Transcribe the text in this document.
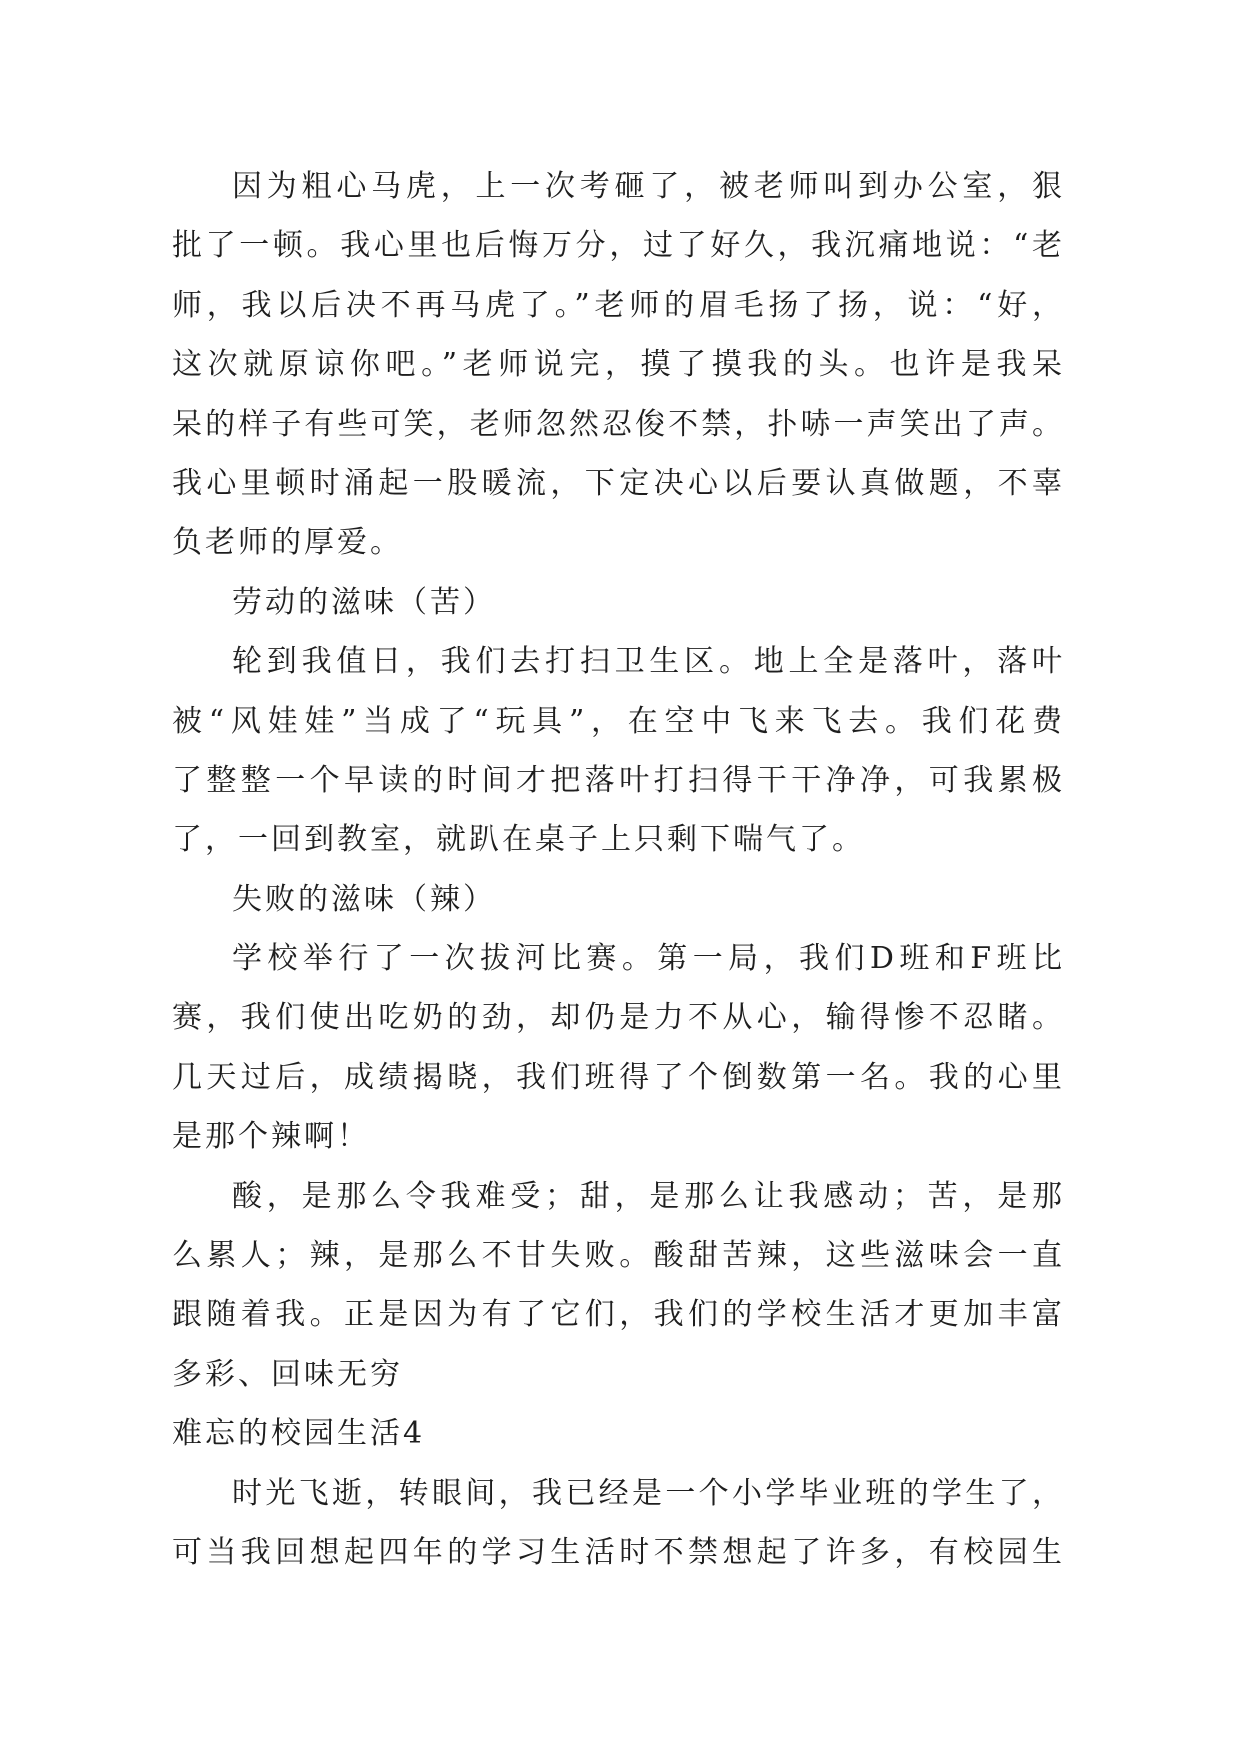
因为粗心马虎，上一次考砸了，被老师叫到办公室，狠
批了一顿。我心里也后悔万分，过了好久，我沉痛地说：“老
师，我以后决不再马虎了。”老师的眉毛扬了扬，说：“好，
这次就原谅你吧。”老师说完，摸了摸我的头。也许是我呆
呆的样子有些可笑，老师忽然忍俊不禁，扑哧一声笑出了声。
我心里顿时涌起一股暖流，下定决心以后要认真做题，不辜
负老师的厚爱。
劳动的滋味（苦）
轮到我值日，我们去打扫卫生区。地上全是落叶，落叶
被“风娃娃”当成了“玩具”，在空中飞来飞去。我们花费
了整整一个早读的时间才把落叶打扫得干干净净，可我累极
了，一回到教室，就趴在桌子上只剩下喘气了。
失败的滋味（辣）
学校举行了一次拔河比赛。第一局，我们D班和F班比
赛，我们使出吃奶的劲，却仍是力不从心，输得惨不忍睹。
几天过后，成绩揭晓，我们班得了个倒数第一名。我的心里
是那个辣啊！
酸，是那么令我难受；甜，是那么让我感动；苦，是那
么累人；辣，是那么不甘失败。酸甜苦辣，这些滋味会一直
跟随着我。正是因为有了它们，我们的学校生活才更加丰富
多彩、回味无穷
难忘的校园生活4
时光飞逝，转眼间，我已经是一个小学毕业班的学生了，
可当我回想起四年的学习生活时不禁想起了许多，有校园生
